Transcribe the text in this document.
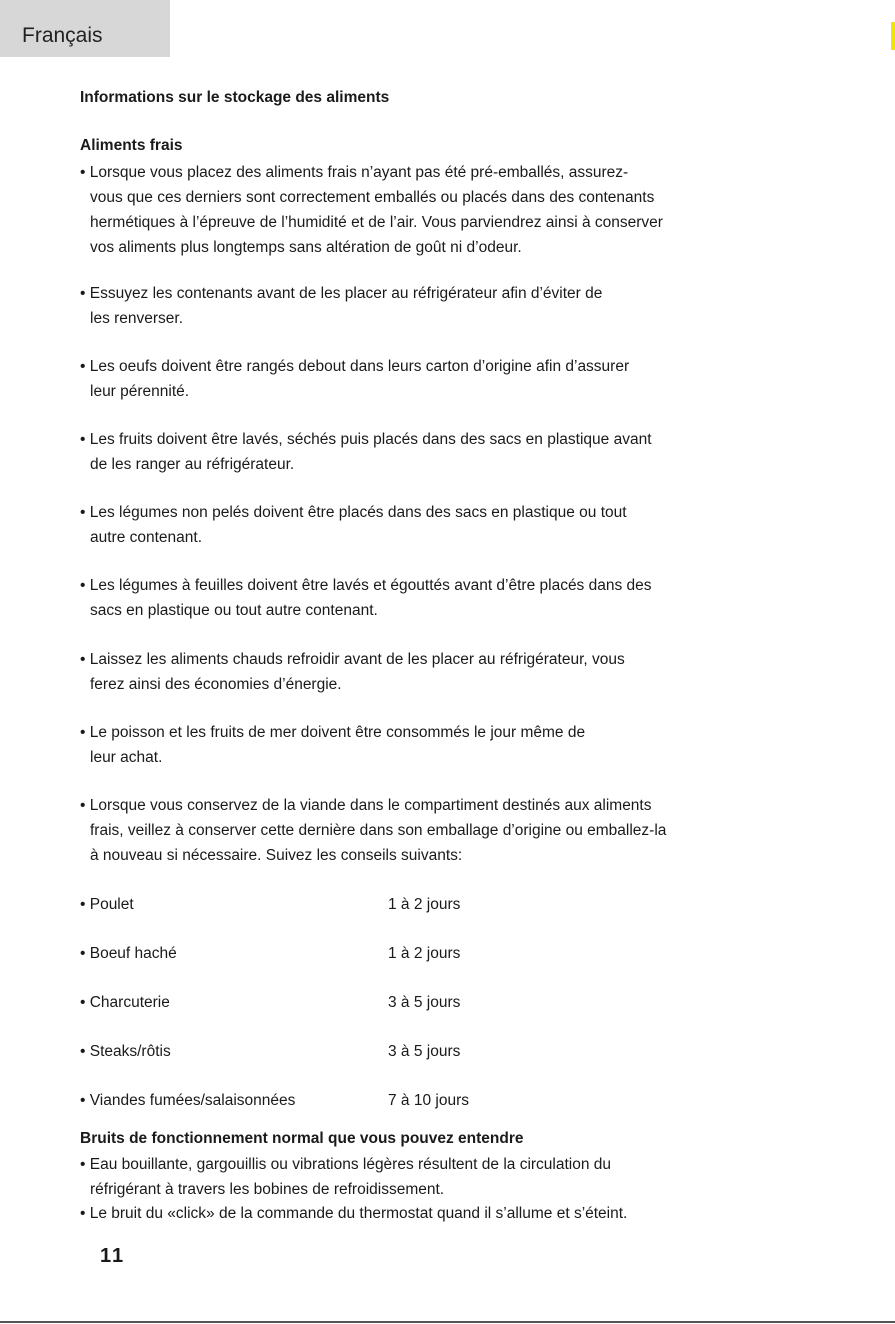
Français
Informations sur le stockage des aliments
Aliments frais
• Lorsque vous placez des aliments frais n’ayant pas été pré-emballés, assurez-
vous que ces derniers sont correctement emballés ou placés dans des contenants
hermétiques à l’épreuve de l’humidité et de l’air. Vous parviendrez ainsi à conserver
vos aliments plus longtemps sans altération de goût ni d’odeur.
• Essuyez les contenants avant de les placer au réfrigérateur afin d’éviter de
les renverser.
• Les oeufs doivent être rangés debout dans leurs carton d’origine afin d’assurer
leur pérennité.
• Les fruits doivent être lavés, séchés puis placés dans des sacs en plastique avant
de les ranger au réfrigérateur.
• Les légumes non pelés doivent être placés dans des sacs en plastique ou tout
autre contenant.
• Les légumes à feuilles doivent être lavés et égouttés avant d’être placés dans des
sacs en plastique ou tout autre contenant.
• Laissez les aliments chauds refroidir avant de les placer au réfrigérateur, vous
ferez ainsi des économies d’énergie.
• Le poisson et les fruits de mer doivent être consommés le jour même de
leur achat.
• Lorsque vous conservez de la viande dans le compartiment destinés aux aliments
frais, veillez à conserver cette dernière dans son emballage d’origine ou emballez-la
à nouveau si nécessaire. Suivez les conseils suivants:
• Poulet	1 à 2 jours
• Boeuf haché	1 à 2 jours
• Charcuterie	3 à 5 jours
• Steaks/rôtis	3 à 5 jours
• Viandes fumées/salaisonnées	7 à 10 jours
Bruits de fonctionnement normal que vous pouvez entendre
• Eau bouillante, gargouillis ou vibrations légères résultent de la circulation du
réfrigérant à travers les bobines de refroidissement.
• Le bruit du «click» de la commande du thermostat quand il s’allume et s’éteint.
11
